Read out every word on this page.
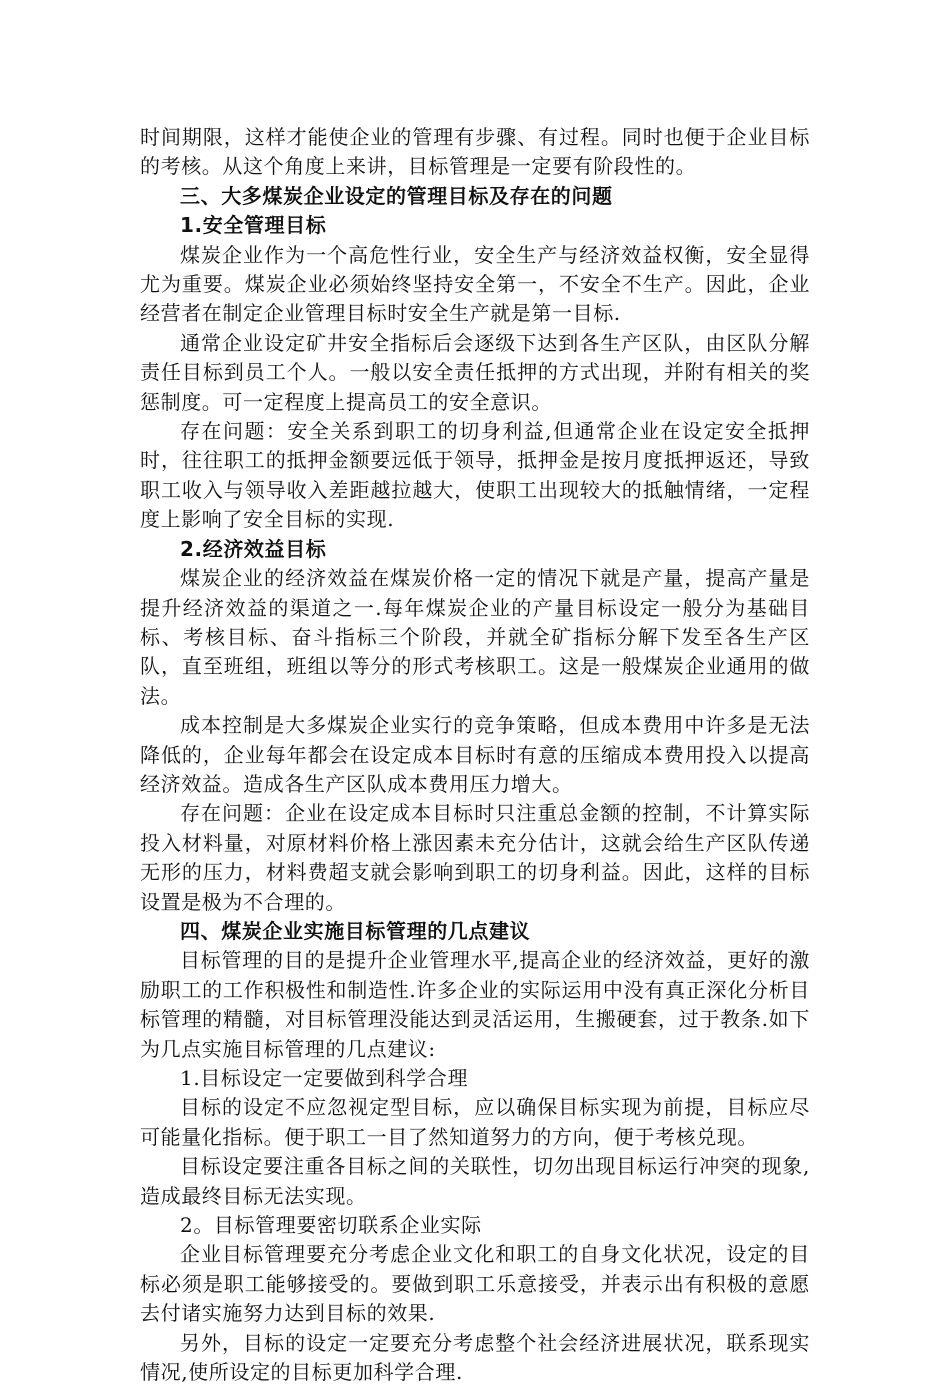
时间期限，这样才能使企业的管理有步骤、有过程。同时也便于企业目标的考核。从这个角度上来讲，目标管理是一定要有阶段性的。

三、大多煤炭企业设定的管理目标及存在的问题

1.安全管理目标

煤炭企业作为一个高危性行业，安全生产与经济效益权衡，安全显得尤为重要。煤炭企业必须始终坚持安全第一，不安全不生产。因此，企业经营者在制定企业管理目标时安全生产就是第一目标.

通常企业设定矿井安全指标后会逐级下达到各生产区队，由区队分解责任目标到员工个人。一般以安全责任抵押的方式出现，并附有相关的奖惩制度。可一定程度上提高员工的安全意识。

存在问题：安全关系到职工的切身利益,但通常企业在设定安全抵押时，往往职工的抵押金额要远低于领导，抵押金是按月度抵押返还，导致职工收入与领导收入差距越拉越大，使职工出现较大的抵触情绪，一定程度上影响了安全目标的实现.

2.经济效益目标

煤炭企业的经济效益在煤炭价格一定的情况下就是产量，提高产量是提升经济效益的渠道之一.每年煤炭企业的产量目标设定一般分为基础目标、考核目标、奋斗指标三个阶段，并就全矿指标分解下发至各生产区队，直至班组，班组以等分的形式考核职工。这是一般煤炭企业通用的做法。

成本控制是大多煤炭企业实行的竞争策略，但成本费用中许多是无法降低的，企业每年都会在设定成本目标时有意的压缩成本费用投入以提高经济效益。造成各生产区队成本费用压力增大。

存在问题：企业在设定成本目标时只注重总金额的控制，不计算实际投入材料量，对原材料价格上涨因素未充分估计，这就会给生产区队传递无形的压力，材料费超支就会影响到职工的切身利益。因此，这样的目标设置是极为不合理的。

四、煤炭企业实施目标管理的几点建议

目标管理的目的是提升企业管理水平,提高企业的经济效益，更好的激励职工的工作积极性和制造性.许多企业的实际运用中没有真正深化分析目标管理的精髓，对目标管理没能达到灵活运用，生搬硬套，过于教条.如下为几点实施目标管理的几点建议:

1.目标设定一定要做到科学合理

目标的设定不应忽视定型目标，应以确保目标实现为前提，目标应尽可能量化指标。便于职工一目了然知道努力的方向，便于考核兑现。

目标设定要注重各目标之间的关联性，切勿出现目标运行冲突的现象,造成最终目标无法实现。

2。目标管理要密切联系企业实际

企业目标管理要充分考虑企业文化和职工的自身文化状况，设定的目标必须是职工能够接受的。要做到职工乐意接受，并表示出有积极的意愿去付诸实施努力达到目标的效果.

另外，目标的设定一定要充分考虑整个社会经济进展状况，联系现实情况,使所设定的目标更加科学合理.
